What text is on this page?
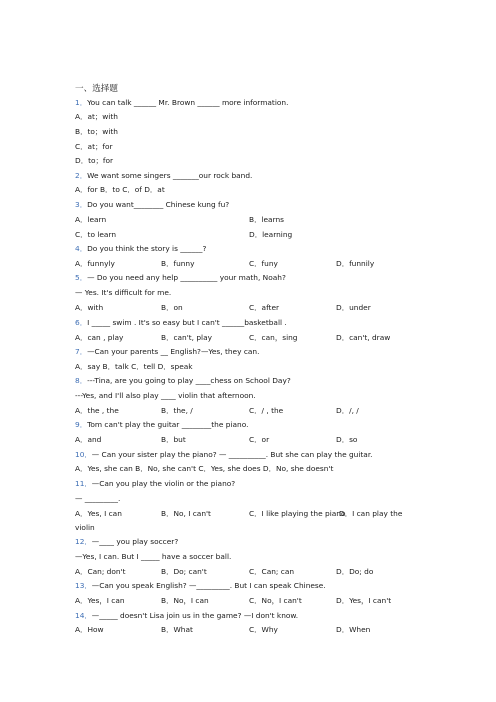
一、选择题
1．You can talk ______ Mr. Brown ______ more information.
A．at；with
B．to；with
C．at；for
D．to；for
2．We want some singers _______our rock band.
A．for B．to C．of D．at
3．Do you want________ Chinese kung fu?
A．learn	B．learns
C．to learn	D．learning
4．Do you think the story is ______?
A．funnyly	B．funny	C．funy	D．funnily
5．— Do you need any help __________ your math, Noah?
— Yes. It's difficult for me.
A．with	B．on	C．after	D．under
6．I _____ swim . It's so easy but I can't ______basketball .
A．can , play	B．can't, play	C．can，sing	D．can't, draw
7．—Can your parents __ English?—Yes, they can.
A．say B．talk C．tell D．speak
8．---Tina, are you going to play ____chess on School Day?
---Yes, and I'll also play ____ violin that afternoon.
A．the , the	B．the, /	C．/ , the	D．/, /
9．Tom can't play the guitar ________the piano.
A．and	B．but	C．or	D．so
10．— Can your sister play the piano? — __________. But she can play the guitar.
A．Yes, she can B．No, she can't C．Yes, she does D．No, she doesn't
11．—Can you play the violin or the piano?
— _________.
A．Yes, I can	B．No, I can't	C．I like playing the piano
D．I can play the
violin
12．—____ you play soccer?
—Yes, I can. But I _____ have a soccer ball.
A．Can; don't	B．Do; can't	C．Can; can	D．Do; do
13．—Can you speak English? —_________. But I can speak Chinese.
A．Yes，I can	B．No，I can	C．No，I can't	D．Yes，I can't
14．—_____ doesn't Lisa join us in the game? —I don't know.
A．How	B．What	C．Why	D．When
